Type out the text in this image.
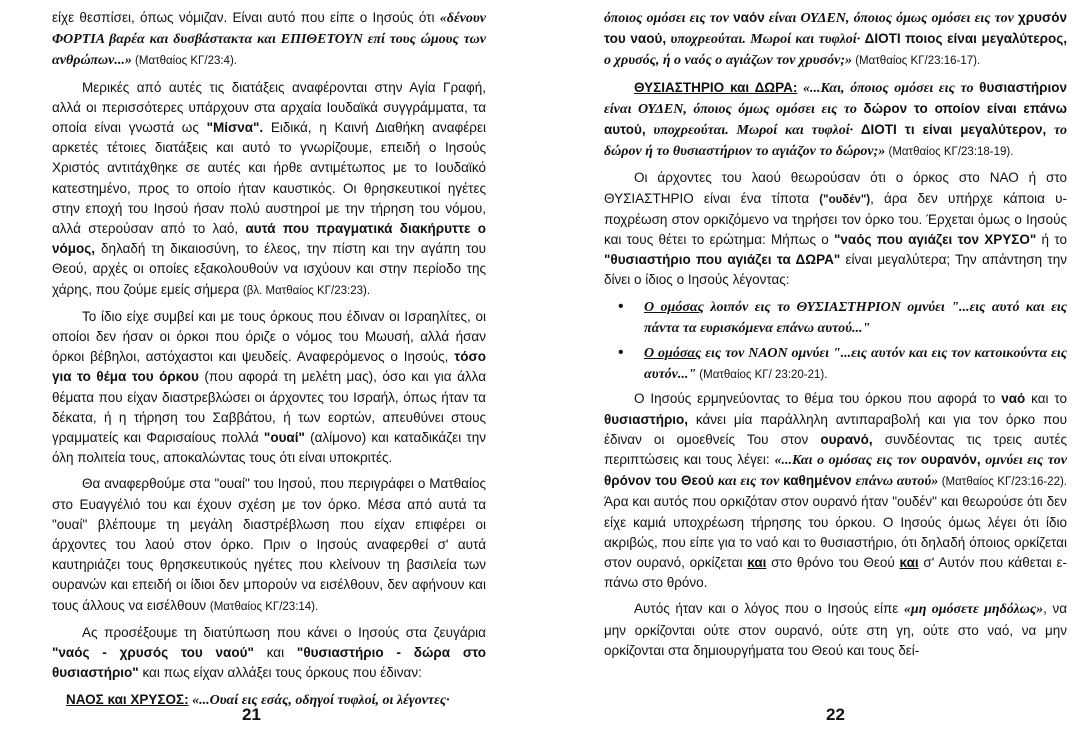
είχε θεσπίσει, όπως νόμιζαν. Είναι αυτό που είπε ο Ιησούς ότι «δένουν ΦΟΡΤΙΑ βαρέα και δυσβάστακτα και ΕΠΙΘΕΤΟΥΝ επί τους ώμους των ανθρώπων...» (Ματθαίος ΚΓ/23:4).

Μερικές από αυτές τις διατάξεις αναφέρονται στην Αγία Γραφή, αλλά οι περισσότερες υπάρχουν στα αρχαία Ιουδαϊκά συγγράμματα, τα οποία είναι γνωστά ως "Μίσνα". Ειδικά, η Καινή Διαθήκη αναφέρει αρκετές τέτοιες διατάξεις και αυτό το γνωρίζουμε, επειδή ο Ιησούς Χριστός αντιτάχθηκε σε αυτές και ήρθε αντιμέτωπος με το Ιουδαϊκό κατεστημένο, προς το οποίο ήταν καυστικός. Οι θρησκευτικοί ηγέτες στην εποχή του Ιησού ήσαν πολύ αυστηροί με την τήρηση του νόμου, αλλά στερούσαν από το λαό, αυτά που πραγματικά διακήρυττε ο νόμος, δηλαδή τη δικαιοσύνη, το έλεος, την πίστη και την αγάπη του Θεού, αρχές οι οποίες εξακολουθούν να ισχύουν και στην περίοδο της χάρης, που ζούμε εμείς σήμερα (βλ. Ματθαίος ΚΓ/23:23).

Το ίδιο είχε συμβεί και με τους όρκους που έδιναν οι Ισραηλίτες, οι οποίοι δεν ήσαν οι όρκοι που όριζε ο νόμος του Μωυσή, αλλά ήσαν όρκοι βέβηλοι, αστόχαστοι και ψευδείς. Αναφερόμενος ο Ιησούς, τόσο για το θέμα του όρκου (που αφορά τη μελέτη μας), όσο και για άλλα θέματα που είχαν διαστρεβλώσει οι άρχοντες του Ισραήλ, όπως ήταν τα δέκατα, ή η τήρηση του Σαββάτου, ή των εορτών, απευθύνει στους γραμματείς και Φαρισαίους πολλά "ουαί" (αλίμονο) και καταδικάζει την όλη πολιτεία τους, αποκαλώντας τους ότι είναι υποκριτές.

Θα αναφερθούμε στα "ουαί" του Ιησού, που περιγράφει ο Ματθαίος στο Ευαγγέλιό του και έχουν σχέση με τον όρκο. Μέσα από αυτά τα "ουαί" βλέπουμε τη μεγάλη διαστρέβλωση που είχαν επιφέρει οι άρχοντες του λαού στον όρκο. Πριν ο Ιησούς αναφερθεί σ' αυτά καυτηριάζει τους θρησκευτικούς ηγέτες που κλείνουν τη βασιλεία των ουρανών και επειδή οι ίδιοι δεν μπορούν να εισέλθουν, δεν αφήνουν και τους άλλους να εισέλθουν (Ματθαίος ΚΓ/23:14).

Ας προσέξουμε τη διατύπωση που κάνει ο Ιησούς στα ζευγάρια "ναός - χρυσός του ναού" και "θυσιαστήριο - δώρα στο θυσιαστήριο" και πως είχαν αλλάξει τους όρκους που έδιναν:

ΝΑΟΣ και ΧΡΥΣΟΣ: «...Ουαί εις εσάς, οδηγοί τυφλοί, οι λέγοντες·

21

όποιος ομόσει εις τον ναόν είναι ΟΥΔΕΝ, όποιος όμως ομόσει εις τον χρυσόν του ναού, υποχρεούται. Μωροί και τυφλοί· ΔΙΟΤΙ ποιος είναι μεγαλύτερος, ο χρυσός, ή ο ναός ο αγιάζων τον χρυσόν;» (Ματθαίος ΚΓ/23:16-17).

ΘΥΣΙΑΣΤΗΡΙΟ και ΔΩΡΑ: «...Και, όποιος ομόσει εις το θυσιαστήριον είναι ΟΥΔΕΝ, όποιος όμως ομόσει εις το δώρον το οποίον είναι επάνω αυτού, υποχρεούται. Μωροί και τυφλοί· ΔΙΟΤΙ τι είναι μεγαλύτερον, το δώρον ή το θυσιαστήριον το αγιάζον το δώρον;» (Ματθαίος ΚΓ/23:18-19).

Οι άρχοντες του λαού θεωρούσαν ότι ο όρκος στο ΝΑΟ ή στο ΘΥΣΙΑΣΤΗΡΙΟ είναι ένα τίποτα ("ουδέν"), άρα δεν υπήρχε κάποια υποχρέωση στον ορκιζόμενο να τηρήσει τον όρκο του. Έρχεται όμως ο Ιησούς και τους θέτει το ερώτημα: Μήπως ο "ναός που αγιάζει τον ΧΡΥΣΟ" ή το "θυσιαστήριο που αγιάζει τα ΔΩΡΑ" είναι μεγαλύτερα; Την απάντηση την δίνει ο ίδιος ο Ιησούς λέγοντας:

• Ο ομόσας λοιπόν εις το ΘΥΣΙΑΣΤΗΡΙΟΝ ομνύει "...εις αυτό και εις πάντα τα ευρισκόμενα επάνω αυτού..."
• Ο ομόσας εις τον ΝΑΟΝ ομνύει "...εις αυτόν και εις τον κατοικούντα εις αυτόν..." (Ματθαίος ΚΓ/ 23:20-21).

Ο Ιησούς ερμηνεύοντας το θέμα του όρκου που αφορά το ναό και το θυσιαστήριο, κάνει μία παράλληλη αντιπαραβολή και για τον όρκο που έδιναν οι ομοεθνείς Του στον ουρανό, συνδέοντας τις τρεις αυτές περιπτώσεις και τους λέγει: «...Και ο ομόσας εις τον ουρανόν, ομνύει εις τον θρόνον του Θεού και εις τον καθημένον επάνω αυτού» (Ματθαίος ΚΓ/23:16-22). Άρα και αυτός που ορκιζόταν στον ουρανό ήταν "ουδέν" και θεωρούσε ότι δεν είχε καμιά υποχρέωση τήρησης του όρκου. Ο Ιησούς όμως λέγει ότι ίδιο ακριβώς, που είπε για το ναό και το θυσιαστήριο, ότι δηλαδή όποιος ορκίζεται στον ουρανό, ορκίζεται και στο θρόνο του Θεού και σ' Αυτόν που κάθεται επάνω στο θρόνο.

Αυτός ήταν και ο λόγος που ο Ιησούς είπε «μη ομόσετε μηδόλως», να μην ορκίζονται ούτε στον ουρανό, ούτε στη γη, ούτε στο ναό, να μην ορκίζονται στα δημιουργήματα του Θεού και τους δεί-

22
